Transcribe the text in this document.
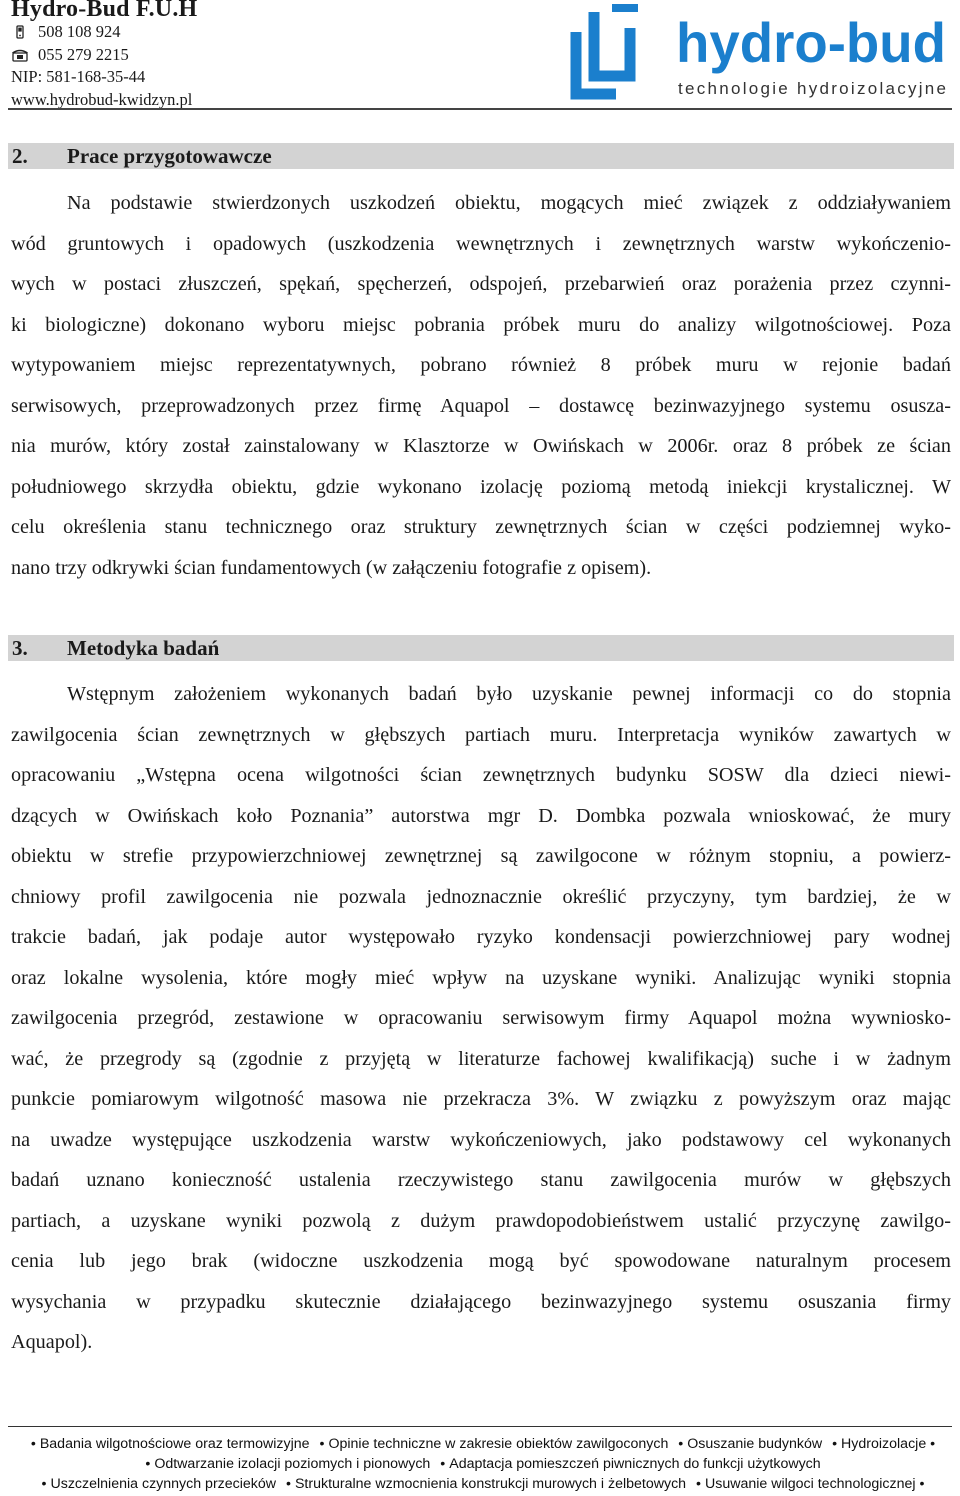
Hydro-Bud F.U.H
508 108 924
055 279 2215
NIP: 581-168-35-44
www.hydrobud-kwidzyn.pl
hydro-bud
technologie hydroizolacyjne
2. Prace przygotowawcze
Na podstawie stwierdzonych uszkodzeń obiektu, mogących mieć związek z oddziaływaniem
wód gruntowych i opadowych (uszkodzenia wewnętrznych i zewnętrznych warstw wykończenio-
wych w postaci złuszczeń, spękań, spęcherzeń, odspojeń, przebarwień oraz porażenia przez czynni-
ki biologiczne) dokonano wyboru miejsc pobrania próbek muru do analizy wilgotnościowej. Poza
wytypowaniem miejsc reprezentatywnych, pobrano również 8 próbek muru w rejonie badań
serwisowych, przeprowadzonych przez firmę Aquapol – dostawcę bezinwazyjnego systemu osusza-
nia murów, który został zainstalowany w Klasztorze w Owińskach w 2006r. oraz 8 próbek ze ścian
południowego skrzydła obiektu, gdzie wykonano izolację poziomą metodą iniekcji krystalicznej. W
celu określenia stanu technicznego oraz struktury zewnętrznych ścian w części podziemnej wyko-
nano trzy odkrywki ścian fundamentowych (w załączeniu fotografie z opisem).
3. Metodyka badań
Wstępnym założeniem wykonanych badań było uzyskanie pewnej informacji co do stopnia
zawilgocenia ścian zewnętrznych w głębszych partiach muru. Interpretacja wyników zawartych w
opracowaniu „Wstępna ocena wilgotności ścian zewnętrznych budynku SOSW dla dzieci niewi-
dzących w Owińskach koło Poznania” autorstwa mgr D. Dombka pozwala wnioskować, że mury
obiektu w strefie przypowierzchniowej zewnętrznej są zawilgocone w różnym stopniu, a powierz-
chniowy profil zawilgocenia nie pozwala jednoznacznie określić przyczyny, tym bardziej, że w
trakcie badań, jak podaje autor występowało ryzyko kondensacji powierzchniowej pary wodnej
oraz lokalne wysolenia, które mogły mieć wpływ na uzyskane wyniki. Analizując wyniki stopnia
zawilgocenia przegród, zestawione w opracowaniu serwisowym firmy Aquapol można wywniosko-
wać, że przegrody są (zgodnie z przyjętą w literaturze fachowej kwalifikacją) suche i w żadnym
punkcie pomiarowym wilgotność masowa nie przekracza 3%. W związku z powyższym oraz mając
na uwadze występujące uszkodzenia warstw wykończeniowych, jako podstawowy cel wykonanych
badań uznano konieczność ustalenia rzeczywistego stanu zawilgocenia murów w głębszych
partiach, a uzyskane wyniki pozwolą z dużym prawdopodobieństwem ustalić przyczynę zawilgo-
cenia lub jego brak (widoczne uszkodzenia mogą być spowodowane naturalnym procesem
wysychania w przypadku skutecznie działającego bezinwazyjnego systemu osuszania firmy
Aquapol).
• Badania wilgotnościowe oraz termowizyjne • Opinie techniczne w zakresie obiektów zawilgoconych • Osuszanie budynków • Hydroizolacje •
• Odtwarzanie izolacji poziomych i pionowych • Adaptacja pomieszczeń piwnicznych do funkcji użytkowych
• Uszczelnienia czynnych przecieków • Strukturalne wzmocnienia konstrukcji murowych i żelbetowych • Usuwanie wilgoci technologicznej •
